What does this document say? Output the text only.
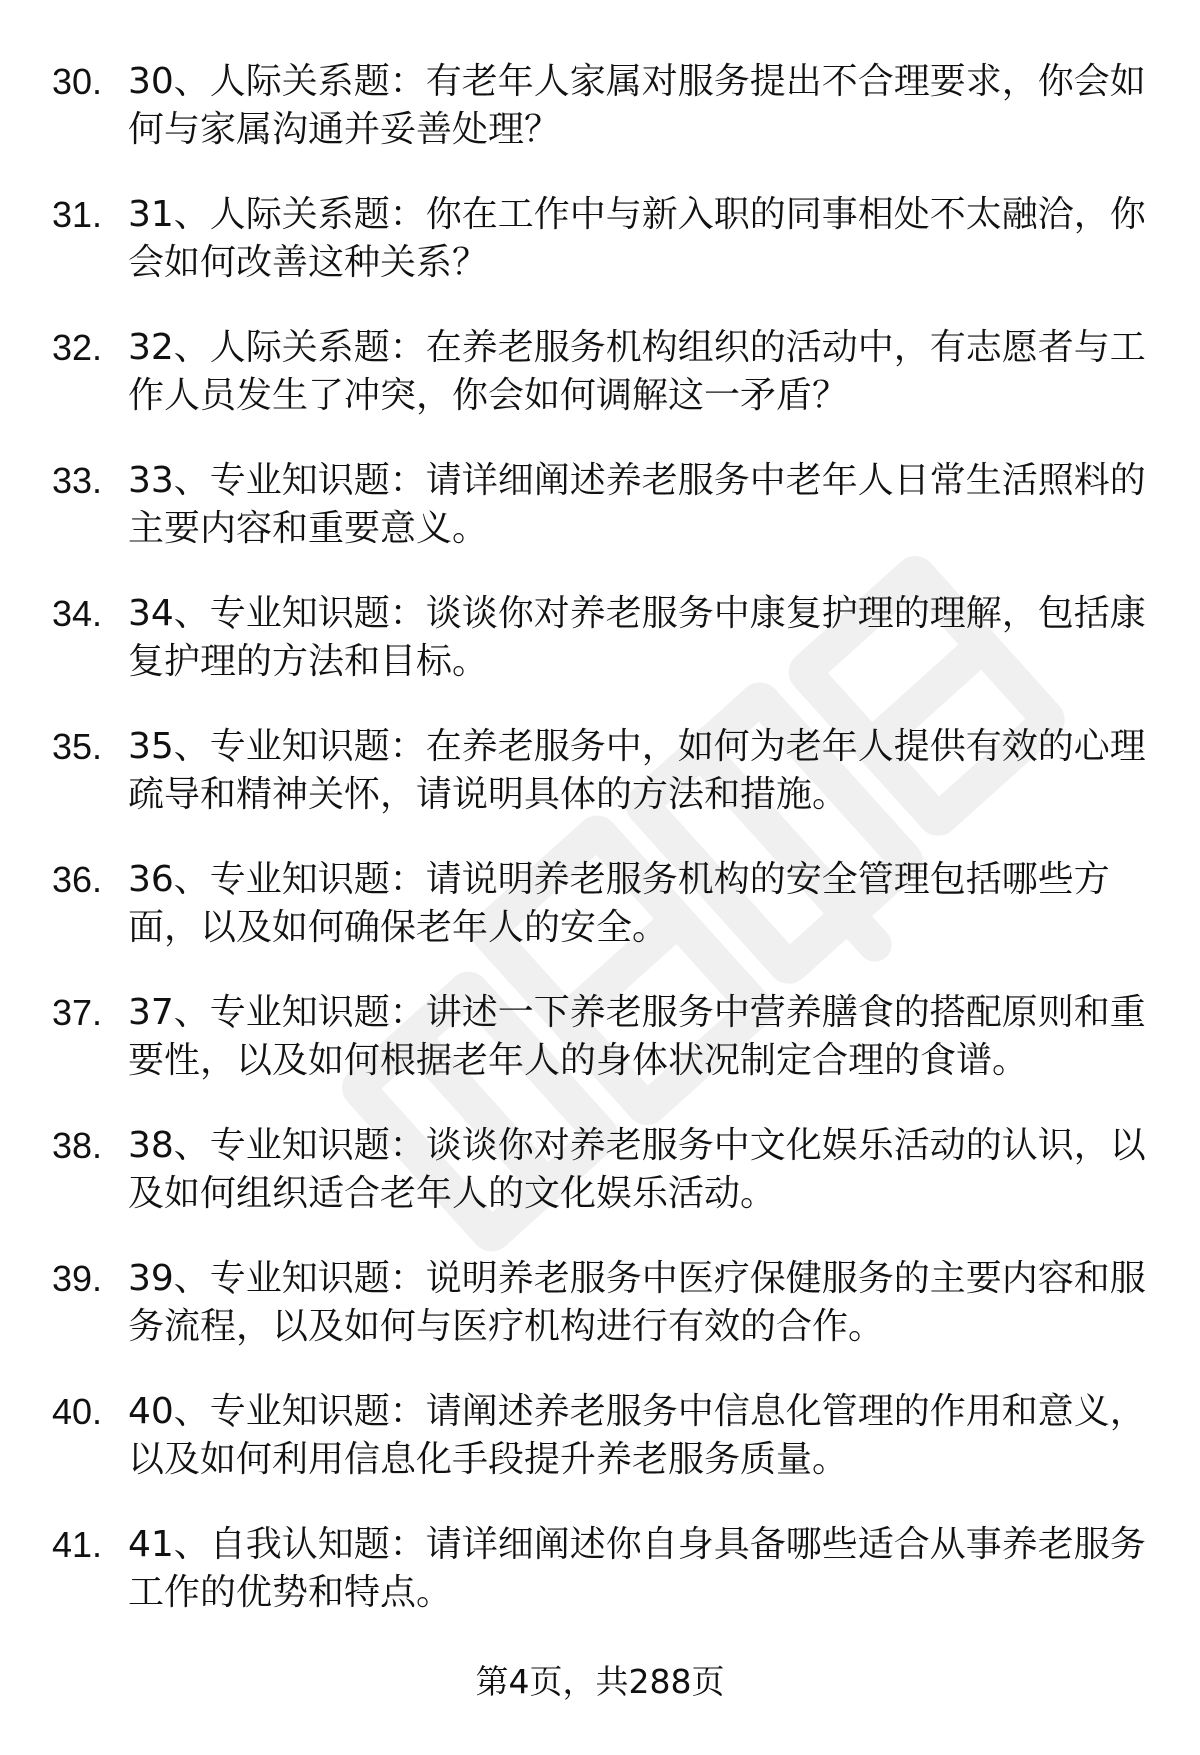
30. 30、人际关系题：有老年人家属对服务提出不合理要求，你会如何与家属沟通并妥善处理？
31. 31、人际关系题：你在工作中与新入职的同事相处不太融洽，你会如何改善这种关系？
32. 32、人际关系题：在养老服务机构组织的活动中，有志愿者与工作人员发生了冲突，你会如何调解这一矛盾？
33. 33、专业知识题：请详细阐述养老服务中老年人日常生活照料的主要内容和重要意义。
34. 34、专业知识题：谈谈你对养老服务中康复护理的理解，包括康复护理的方法和目标。
35. 35、专业知识题：在养老服务中，如何为老年人提供有效的心理疏导和精神关怀，请说明具体的方法和措施。
36. 36、专业知识题：请说明养老服务机构的安全管理包括哪些方面，以及如何确保老年人的安全。
37. 37、专业知识题：讲述一下养老服务中营养膳食的搭配原则和重要性，以及如何根据老年人的身体状况制定合理的食谱。
38. 38、专业知识题：谈谈你对养老服务中文化娱乐活动的认识，以及如何组织适合老年人的文化娱乐活动。
39. 39、专业知识题：说明养老服务中医疗保健服务的主要内容和服务流程，以及如何与医疗机构进行有效的合作。
40. 40、专业知识题：请阐述养老服务中信息化管理的作用和意义，以及如何利用信息化手段提升养老服务质量。
41. 41、自我认知题：请详细阐述你自身具备哪些适合从事养老服务工作的优势和特点。
第4页，共288页
